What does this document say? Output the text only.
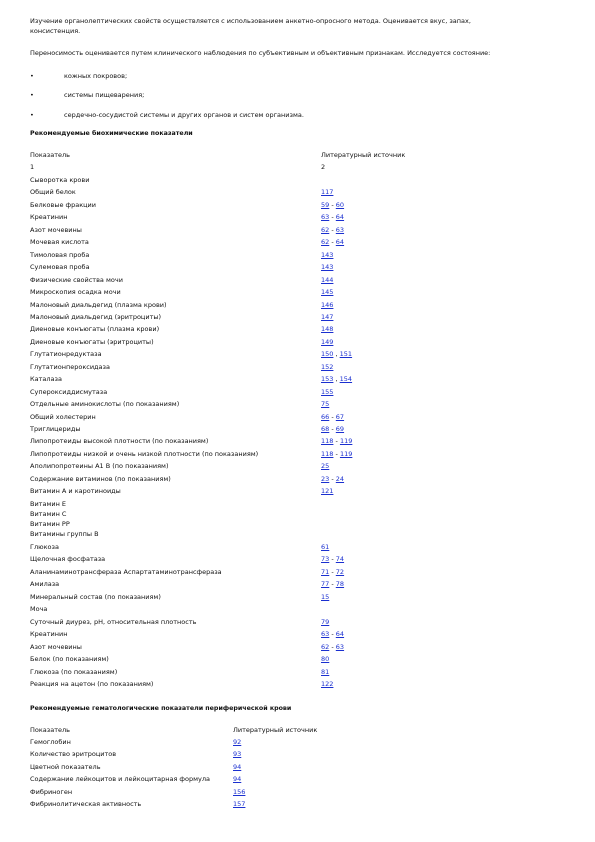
Изучение органолептических свойств осуществляется с использованием анкетно-опросного метода. Оценивается вкус, запах,
консистенция.
Переносимость оценивается путем клинического наблюдения по субъективным и объективным признакам. Исследуется состояние:
•	кожных покровов;
•	системы пищеварения;
•	сердечно-сосудистой системы и других органов и систем организма.
Рекомендуемые биохимические показатели
Показатель	Литературный источник
1	2
Сыворотка крови
Общий белок	117
Белковые фракции	59 - 60
Креатинин	63 - 64
Азот мочевины	62 - 63
Мочевая кислота	62 - 64
Тимоловая проба	143
Сулемовая проба	143
Физические свойства мочи	144
Микроскопия осадка мочи	145
Малоновый диальдегид (плазма крови)	146
Малоновый диальдегид (эритроциты)	147
Диеновые конъюгаты (плазма крови)	148
Диеновые конъюгаты (эритроциты)	149
Глутатионредуктаза	150 , 151
Глутатионпероксидаза	152
Каталаза	153 , 154
Супероксиддисмутаза	155
Отдельные аминокислоты (по показаниям)	75
Общий холестерин	66 - 67
Триглицериды	68 - 69
Липопротеиды высокой плотности (по показаниям)	118 - 119
Липопротеиды низкой и очень низкой плотности (по показаниям)	118 - 119
Аполипопротеины А1 В (по показаниям)	25
Содержание витаминов (по показаниям)	23 - 24
Витамин А и каротиноиды	121
Витамин Е
Витамин С
Витамин РР
Витамины группы В
Глюкоза	61
Щелочная фосфатаза	73 - 74
Аланинаминотрансфераза Аспартатаминотрансфераза	71 - 72
Амилаза	77 - 78
Минеральный состав (по показаниям)	15
Моча
Суточный диурез, pH, относительная плотность	79
Креатинин	63 - 64
Азот мочевины	62 - 63
Белок (по показаниям)	80
Глюкоза (по показаниям)	81
Реакция на ацетон (по показаниям)	122
Рекомендуемые гематологические показатели периферической крови
Показатель	Литературный источник
Гемоглобин	92
Количество эритроцитов	93
Цветной показатель	94
Содержание лейкоцитов и лейкоцитарная формула	94
Фибриноген	156
Фибринолитическая активность	157
